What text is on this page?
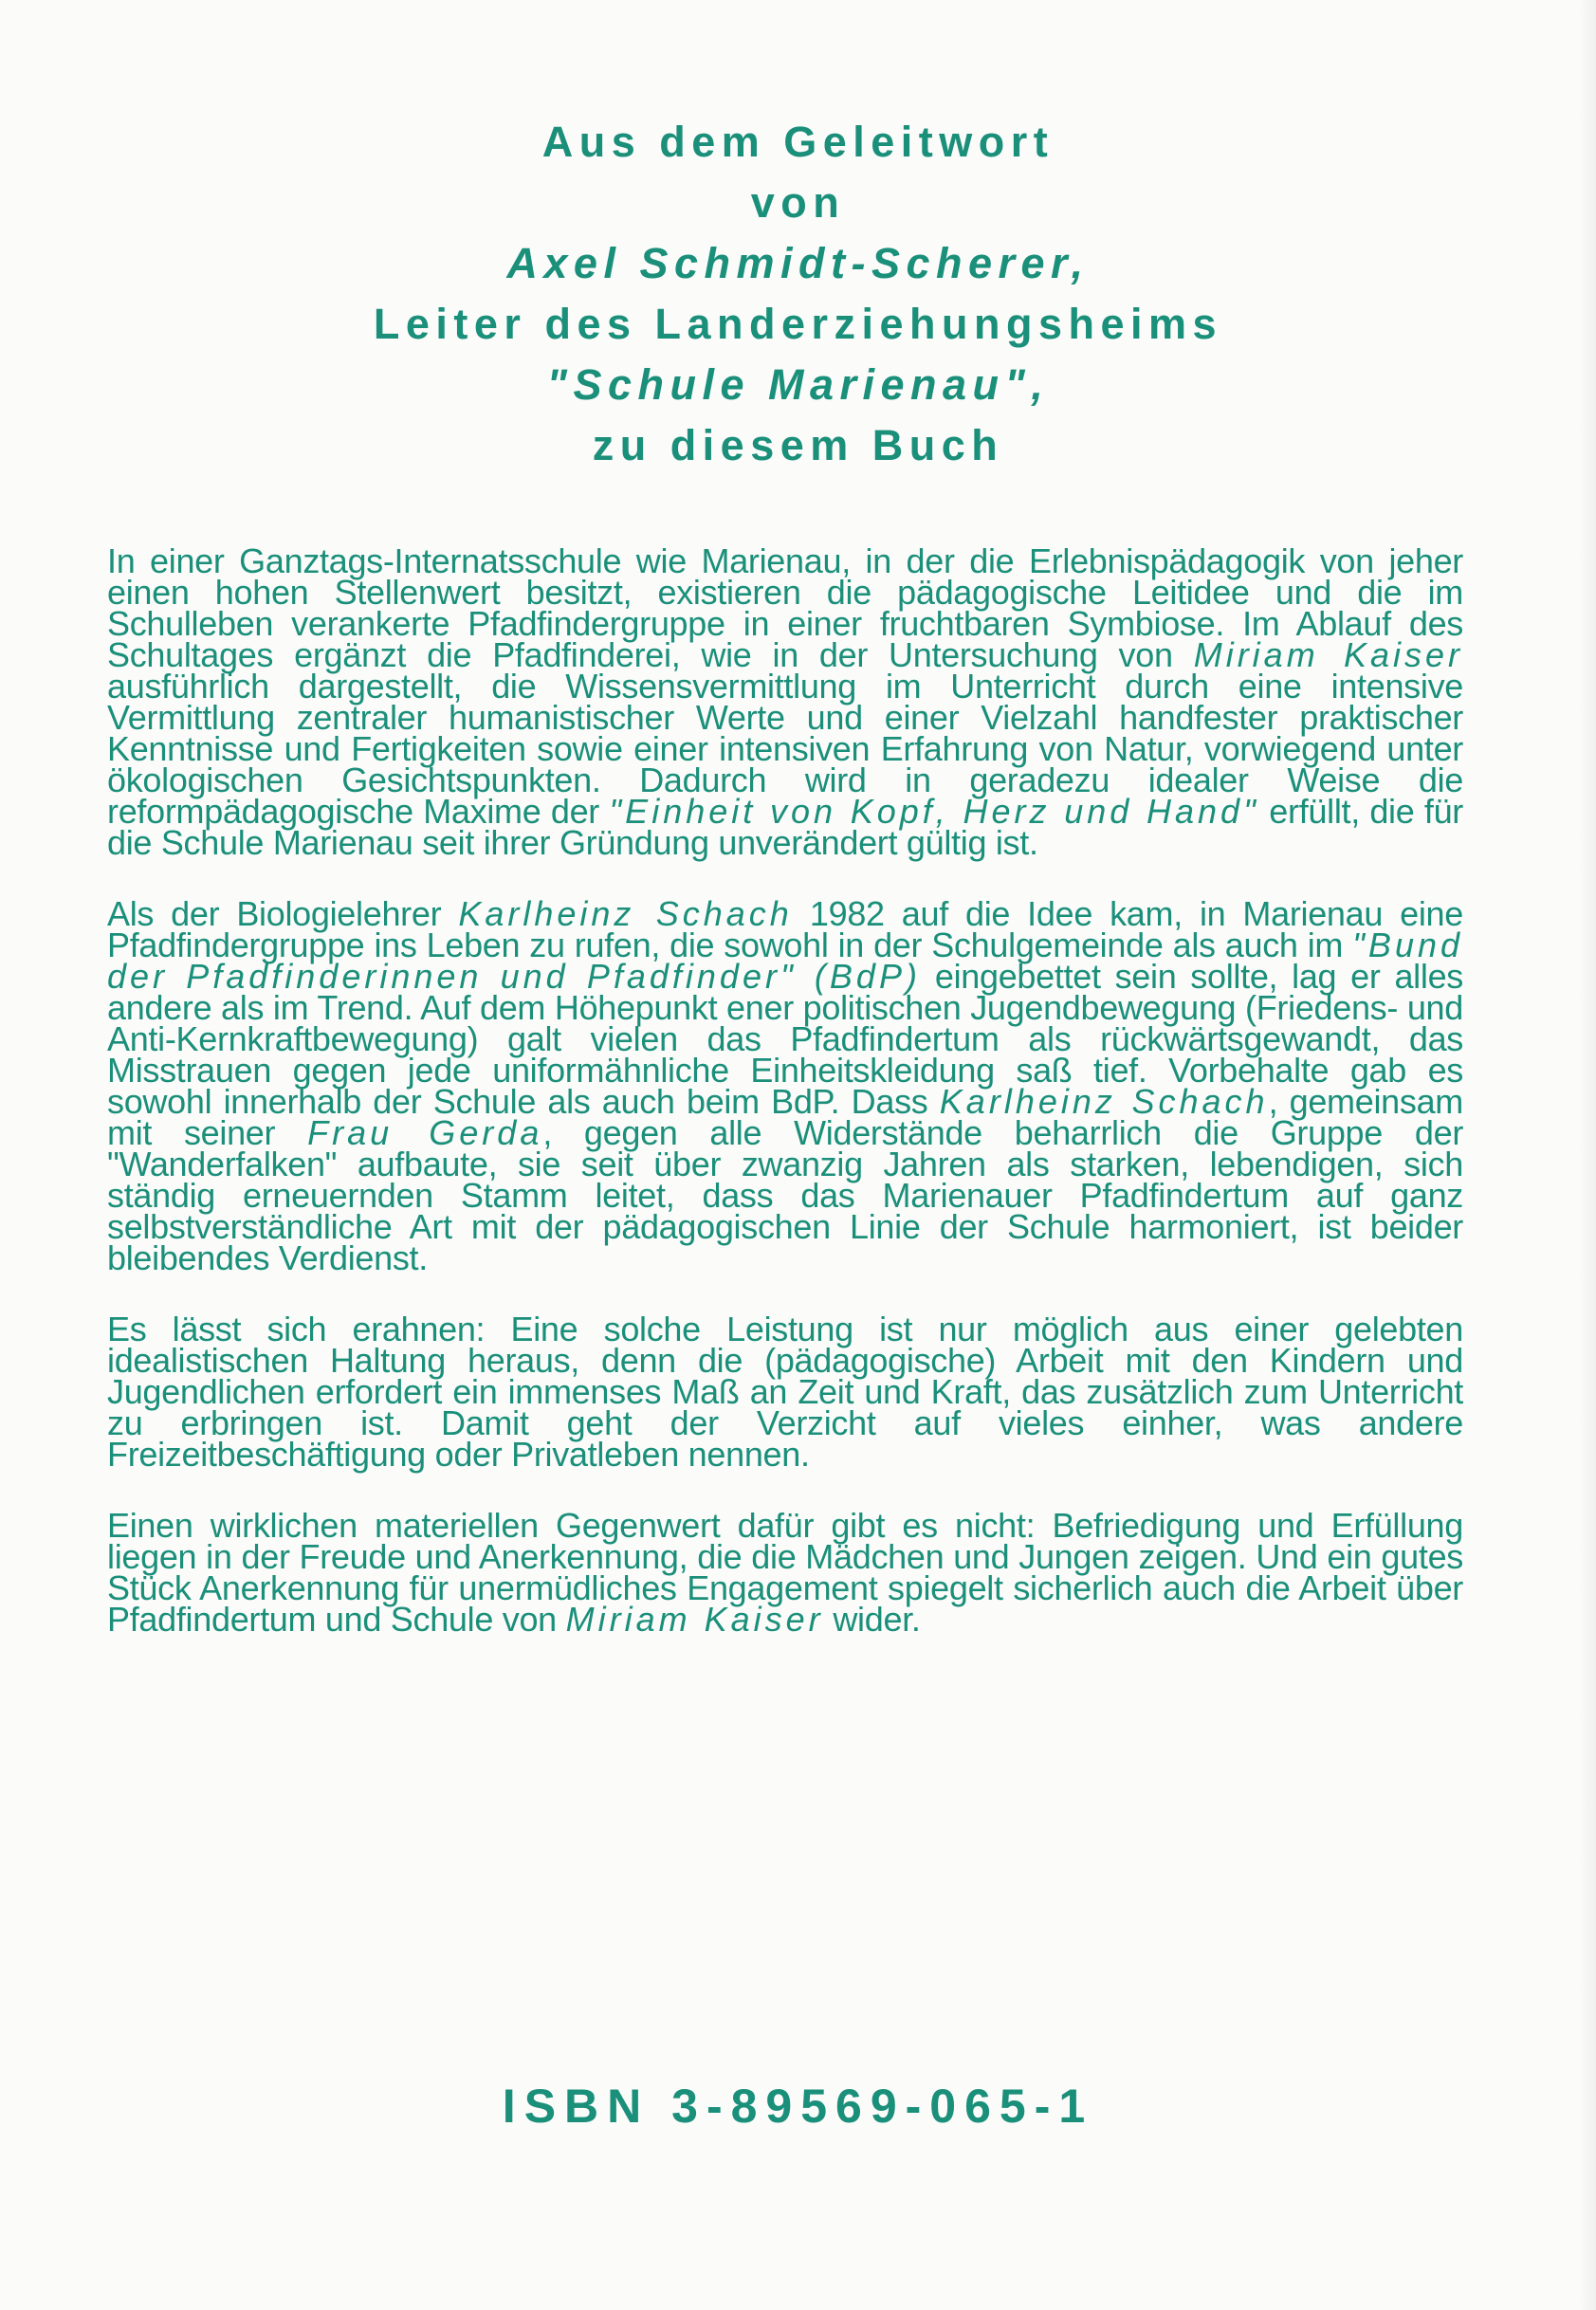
Aus dem Geleitwort
von
Axel Schmidt-Scherer,
Leiter des Landerziehungsheims
"Schule Marienau",
zu diesem Buch

In einer Ganztags-Internatsschule wie Marienau, in der die Erlebnispädagogik von jeher einen hohen Stellenwert besitzt, existieren die pädagogische Leitidee und die im Schulleben verankerte Pfadfindergruppe in einer fruchtbaren Symbiose. Im Ablauf des Schultages ergänzt die Pfadfinderei, wie in der Untersuchung von Miriam Kaiser ausführlich dargestellt, die Wissensvermittlung im Unterricht durch eine intensive Vermittlung zentraler humanistischer Werte und einer Vielzahl handfester praktischer Kenntnisse und Fertigkeiten sowie einer intensiven Erfahrung von Natur, vorwiegend unter ökologischen Gesichtspunkten. Dadurch wird in geradezu idealer Weise die reformpädagogische Maxime der "Einheit von Kopf, Herz und Hand" erfüllt, die für die Schule Marienau seit ihrer Gründung unverändert gültig ist.

Als der Biologielehrer Karlheinz Schach 1982 auf die Idee kam, in Marienau eine Pfadfindergruppe ins Leben zu rufen, die sowohl in der Schulgemeinde als auch im "Bund der Pfadfinderinnen und Pfadfinder" (BdP) eingebettet sein sollte, lag er alles andere als im Trend. Auf dem Höhepunkt ener politischen Jugendbewegung (Friedens- und Anti-Kernkraftbewegung) galt vielen das Pfadfindertum als rückwärtsgewandt, das Misstrauen gegen jede uniformähnliche Einheitskleidung saß tief. Vorbehalte gab es sowohl innerhalb der Schule als auch beim BdP. Dass Karlheinz Schach, gemeinsam mit seiner Frau Gerda, gegen alle Widerstände beharrlich die Gruppe der "Wanderfalken" aufbaute, sie seit über zwanzig Jahren als starken, lebendigen, sich ständig erneuernden Stamm leitet, dass das Marienauer Pfadfindertum auf ganz selbstverständliche Art mit der pädagogischen Linie der Schule harmoniert, ist beider bleibendes Verdienst.

Es lässt sich erahnen: Eine solche Leistung ist nur möglich aus einer gelebten idealistischen Haltung heraus, denn die (pädagogische) Arbeit mit den Kindern und Jugendlichen erfordert ein immenses Maß an Zeit und Kraft, das zusätzlich zum Unterricht zu erbringen ist. Damit geht der Verzicht auf vieles einher, was andere Freizeitbeschäftigung oder Privatleben nennen.

Einen wirklichen materiellen Gegenwert dafür gibt es nicht: Befriedigung und Erfüllung liegen in der Freude und Anerkennung, die die Mädchen und Jungen zeigen. Und ein gutes Stück Anerkennung für unermüdliches Engagement spiegelt sicherlich auch die Arbeit über Pfadfindertum und Schule von Miriam Kaiser wider.

ISBN 3-89569-065-1
